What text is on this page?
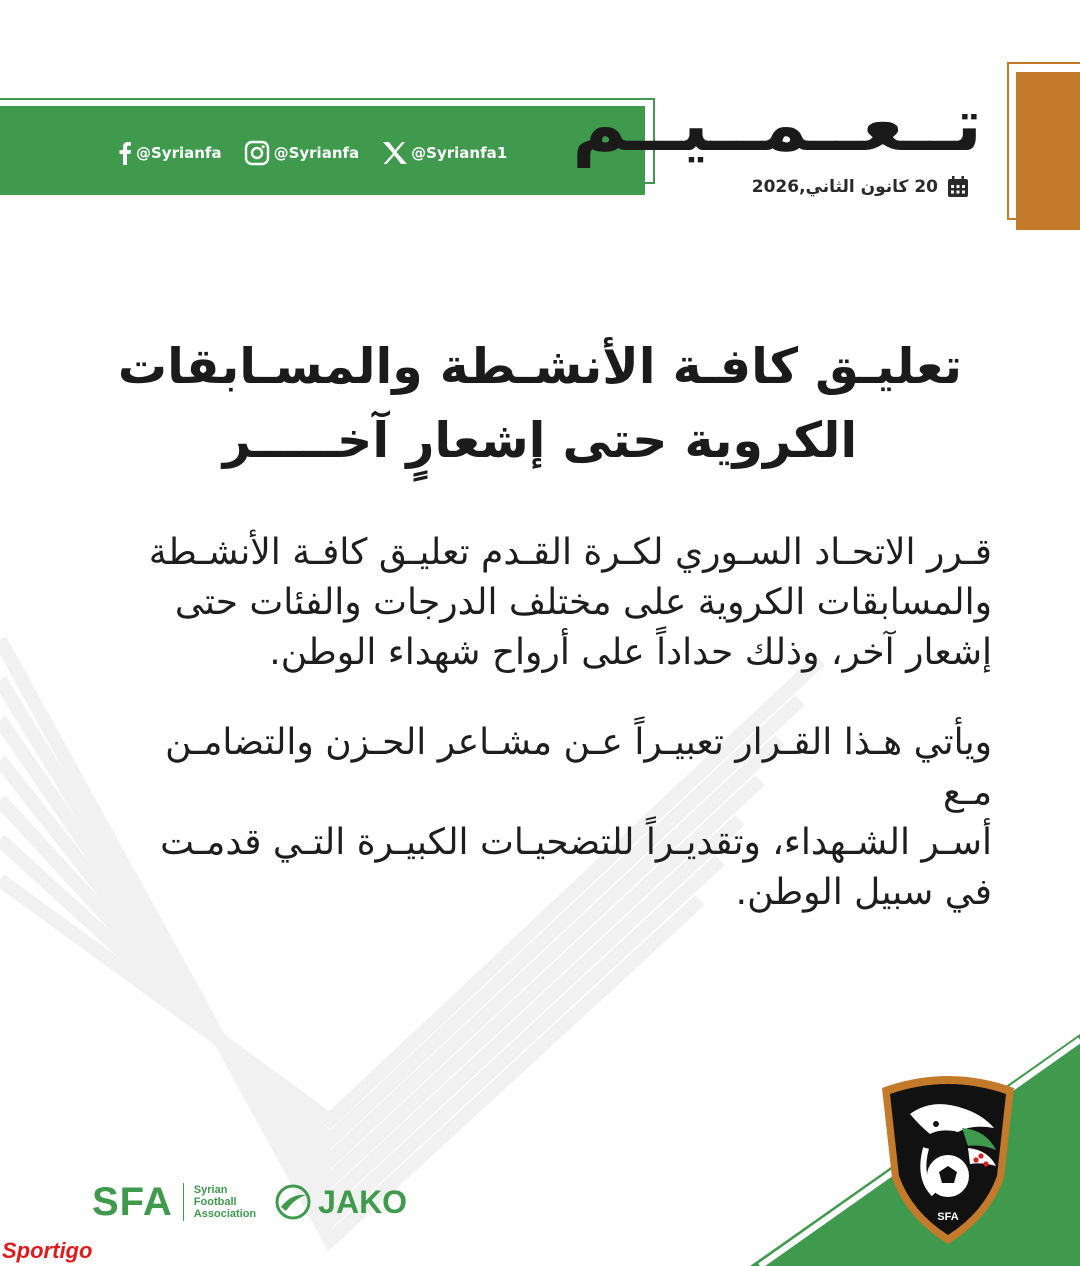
@Syrianfa	@Syrianfa	@Syrianfa1 تــعــمــيــم
20 كانون الثاني,2026
تعليـق كافـة الأنشـطة والمسـابقات
الكروية حتى إشعارٍ آخـــــر

قـرر الاتحـاد السـوري لكـرة القـدم تعليـق كافـة الأنشـطة
والمسابقات الكروية على مختلف الدرجات والفئات حتى
إشعار آخر، وذلك حداداً على أرواح شهداء الوطن.

ويأتي هـذا القـرار تعبيـراً عـن مشـاعر الحـزن والتضامـن مـع
أسـر الشـهداء، وتقديـراً للتضحيـات الكبيـرة التـي قدمـت
في سبيل الوطن.

SFA
SFA Syrian
Football
Association JAKO
Sportigo
